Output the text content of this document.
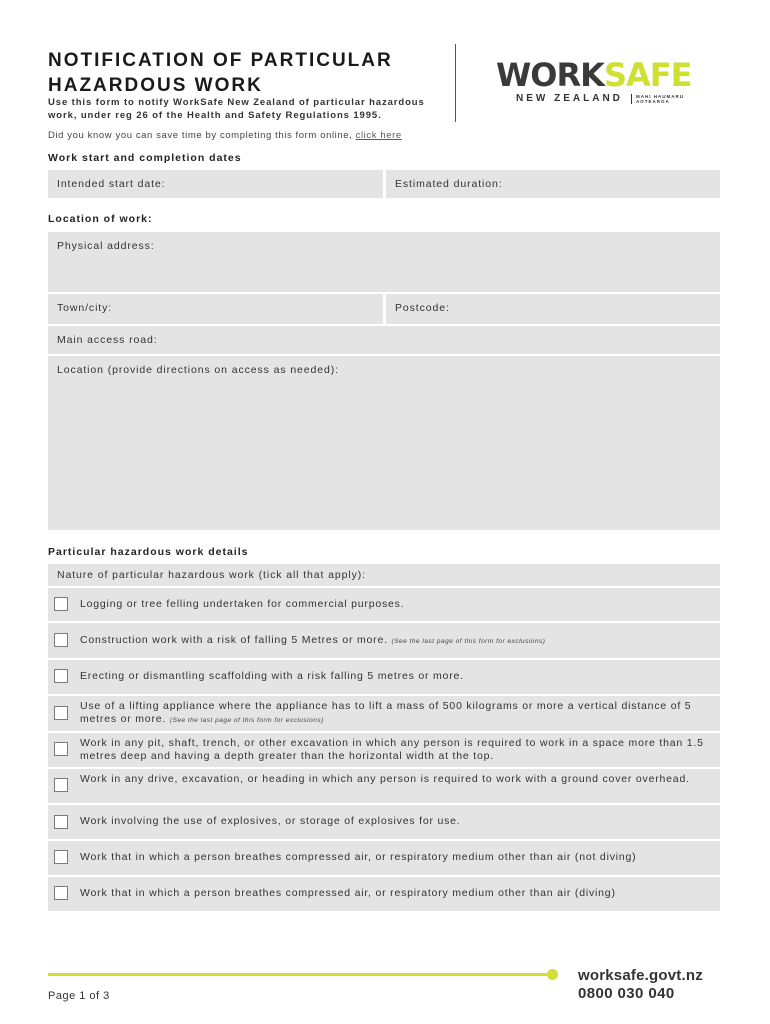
NOTIFICATION OF PARTICULAR HAZARDOUS WORK
Use this form to notify WorkSafe New Zealand of particular hazardous work, under reg 26 of the Health and Safety Regulations 1995.
Did you know you can save time by completing this form online, click here
WORKSAFE
NEW ZEALAND	MAHI HAUMARU AOTEAROA
Work start and completion dates
Intended start date:	Estimated duration:
Location of work:
Physical address:
Town/city:	Postcode:
Main access road:
Location (provide directions on access as needed):
Particular hazardous work details
Nature of particular hazardous work (tick all that apply):
Logging or tree felling undertaken for commercial purposes.
Construction work with a risk of falling 5 Metres or more. (See the last page of this form for exclusions)
Erecting or dismantling scaffolding with a risk falling 5 metres or more.
Use of a lifting appliance where the appliance has to lift a mass of 500 kilograms or more a vertical distance of 5 metres or more. (See the last page of this form for exclusions)
Work in any pit, shaft, trench, or other excavation in which any person is required to work in a space more than 1.5 metres deep and having a depth greater than the horizontal width at the top.
Work in any drive, excavation, or heading in which any person is required to work with a ground cover overhead.
Work involving the use of explosives, or storage of explosives for use.
Work that in which a person breathes compressed air, or respiratory medium other than air (not diving)
Work that in which a person breathes compressed air, or respiratory medium other than air (diving)
worksafe.govt.nz
0800 030 040
Page 1 of 3
